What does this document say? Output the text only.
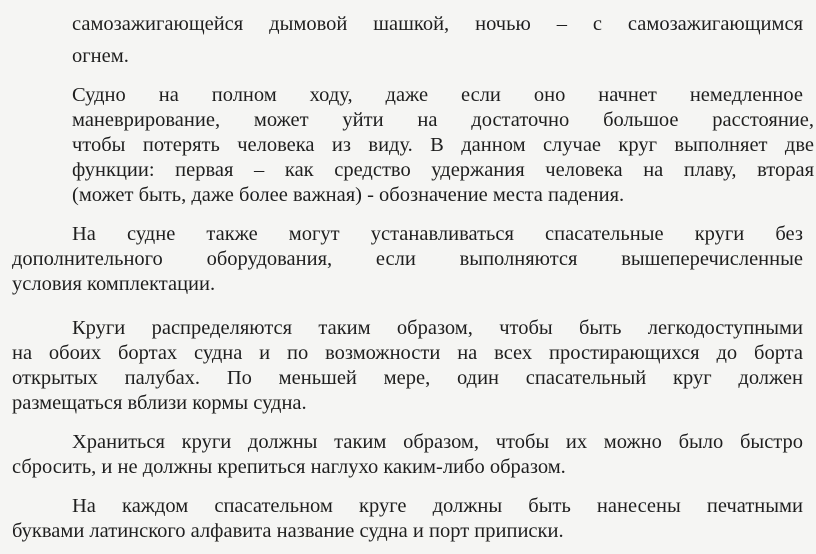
самозажигающейся дымовой шашкой, ночью – с самозажигающимся
огнем.
Судно на полном ходу, даже если оно начнет немедленное
маневрирование, может уйти на достаточно большое расстояние,
чтобы потерять человека из виду. В данном случае круг выполняет две
функции: первая – как средство удержания человека на плаву, вторая
(может быть, даже более важная) - обозначение места падения.
На судне также могут устанавливаться спасательные круги без
дополнительного оборудования, если выполняются вышеперечисленные
условия комплектации.
Круги распределяются таким образом, чтобы быть легкодоступными
на обоих бортах судна и по возможности на всех простирающихся до борта
открытых палубах. По меньшей мере, один спасательный круг должен
размещаться вблизи кормы судна.
Храниться круги должны таким образом, чтобы их можно было быстро
сбросить, и не должны крепиться наглухо каким-либо образом.
На каждом спасательном круге должны быть нанесены печатными
буквами латинского алфавита название судна и порт приписки.
